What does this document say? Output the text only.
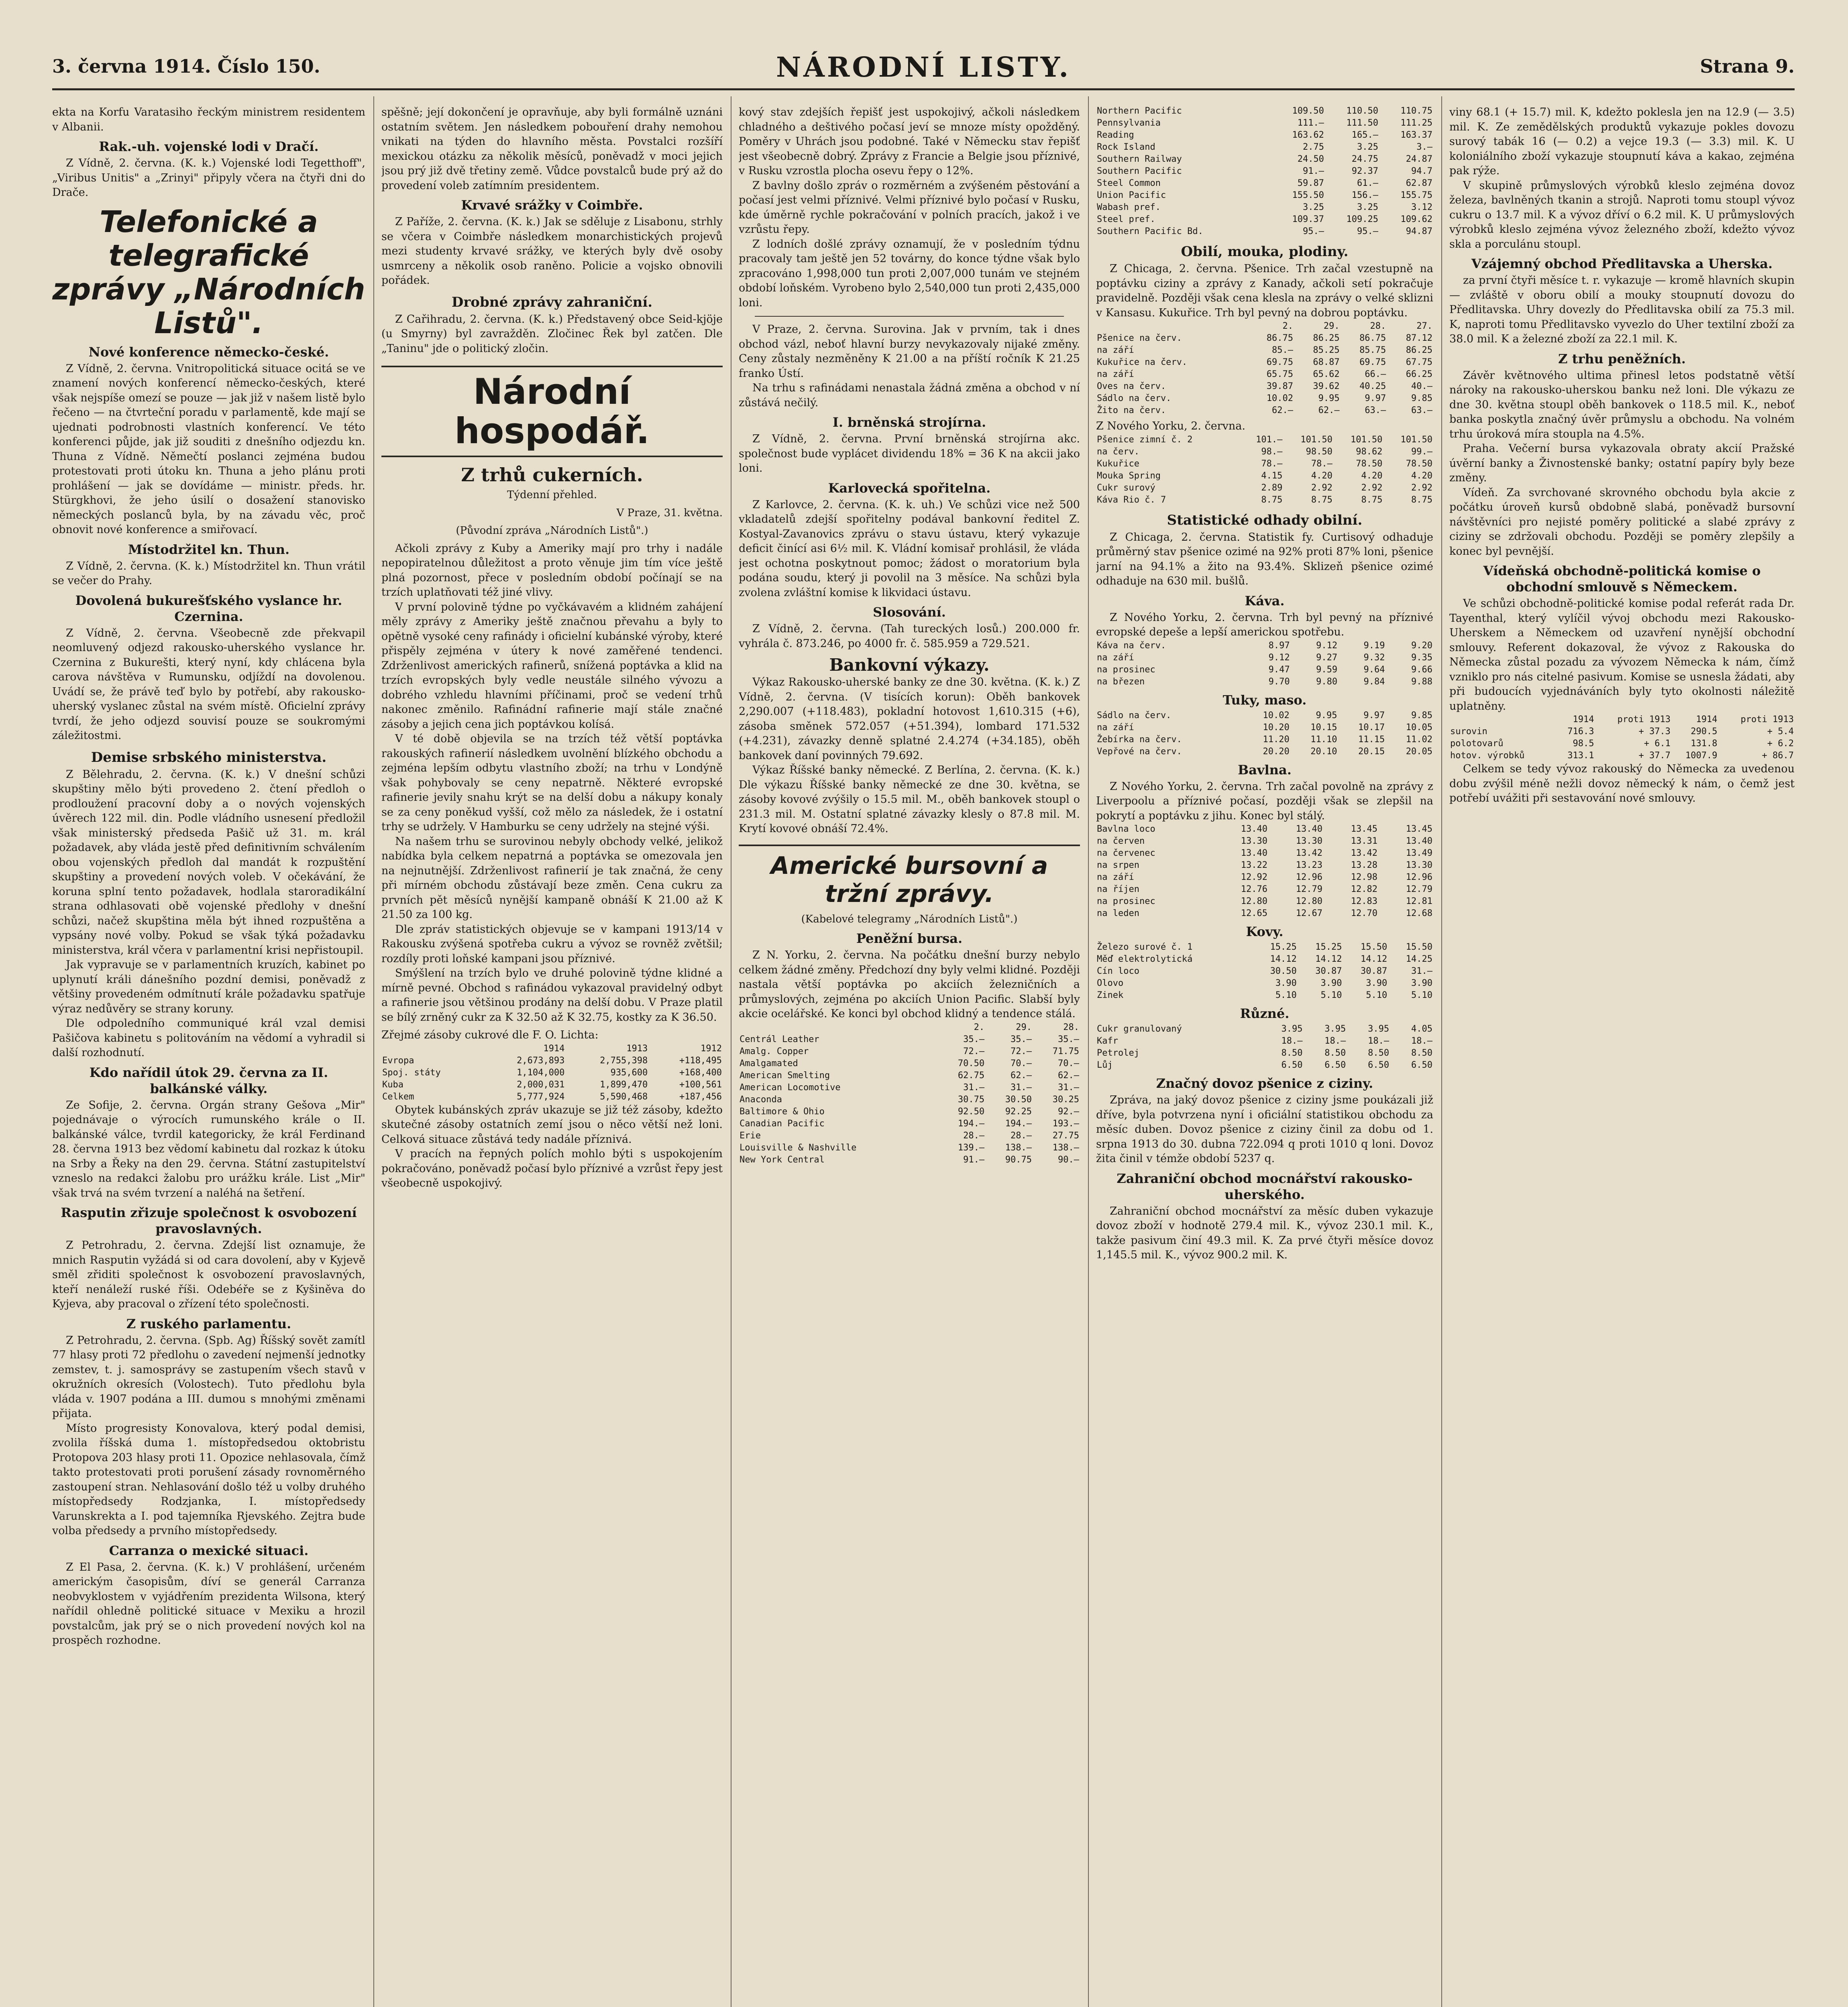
3. června 1914. Číslo 150.	NÁRODNÍ LISTY.	Strana 9.

ekta na Korfu Varatasiho řeckým ministrem residentem v Albanii.

Rak.-uh. vojenské lodi v Dračí.

Z Vídně, 2. června. (K. k.) Vojenské lodi Tegetthoff", „Viribus Unitis" a „Zrinyi" připyly včera na čtyři dni do Drače.

Telefonické a telegrafické zprávy „Národních Listů".
Nové konference německo-české.

Z Vídně, 2. června. Vnitropolitická situace ocitá se ve znamení nových konferencí německo-českých, které však nejspíše omezí se pouze — jak již v našem listě bylo řečeno — na čtvrteční poradu v parlamentě, kde mají se ujednati podrobnosti vlastních konferencí. Ve této konferenci půjde, jak již souditi z dnešního odjezdu kn. Thuna z Vídně. Němečtí poslanci zejména budou protestovati proti útoku kn. Thuna a jeho plánu proti prohlášení — jak se dovídáme — ministr. předs. hr. Stürgkhovi, že jeho úsilí o dosažení stanovisko německých poslanců byla, by na závadu věc, proč obnovit nové konference a smiřovací.

Místodržitel kn. Thun.

Z Vídně, 2. června. (K. k.) Místodržitel kn. Thun vrátil se večer do Prahy.

Dovolená bukurešťského vyslance hr. Czernina.

Z Vídně, 2. června. Všeobecně zde překvapil neomluvený odjezd rakousko-uherského vyslance hr. Czernina z Bukurešti, který nyní, kdy chlácena byla carova návštěva v Rumunsku, odjíždí na dovolenou. Uvádí se, že právě teď bylo by potřebí, aby rakousko-uherský vyslanec zůstal na svém místě. Oficielní zprávy tvrdí, že jeho odjezd souvisí pouze se soukromými záležitostmi.

Demise srbského ministerstva.

Z Bělehradu, 2. června. (K. k.) V dnešní schůzi skupštiny mělo býti provedeno 2. čtení předloh o prodloužení pracovní doby a o nových vojenských úvěrech 122 mil. din. Podle vládního usnesení předložil však ministerský předseda Pašič už 31. m. král požadavek, aby vláda jestě před definitivním schválením obou vojenských předloh dal mandát k rozpuštění skupštiny a provedení nových voleb. V očekávání, že koruna splní tento požadavek, hodlala staroradikální strana odhlasovati obě vojenské předlohy v dnešní schůzi, načež skupština měla být ihned rozpuštěna a vypsány nové volby. Pokud se však týká požadavku ministerstva, král včera v parlamentní krisi nepřistoupil.

Jak vypravuje se v parlamentních kruzích, kabinet po uplynutí králi dánešního pozdní demisi, poněvadž z většiny provedeném odmítnutí krále požadavku spatřuje výraz nedůvěry se strany koruny.

Dle odpoledního communiqué král vzal demisi Pašičova kabinetu s politováním na vědomí a vyhradil si další rozhodnutí.

Kdo nařídil útok 29. června za II. balkánské války.

Ze Sofije, 2. června. Orgán strany Gešova „Mir" pojednávaje o výrocích rumunského krále o II. balkánské válce, tvrdil kategoricky, že král Ferdinand 28. června 1913 bez vědomí kabinetu dal rozkaz k útoku na Srby a Řeky na den 29. června. Státní zastupitelství vzneslo na redakci žalobu pro urážku krále. List „Mir" však trvá na svém tvrzení a naléhá na šetření.

Rasputin zřizuje společnost k osvobození pravoslavných.

Z Petrohradu, 2. června. Zdejší list oznamuje, že mnich Rasputin vyžádá si od cara dovolení, aby v Kyjevě směl zřiditi společnost k osvobození pravoslavných, kteří nenáleží ruské říši. Odebéře se z Kyšiněva do Kyjeva, aby pracoval o zřízení této společnosti.

Z ruského parlamentu.

Z Petrohradu, 2. června. (Spb. Ag) Říšský sovět zamítl 77 hlasy proti 72 předlohu o zavedení nejmenší jednotky zemstev, t. j. samosprávy se zastupením všech stavů v okružních okresích (Volostech). Tuto předlohu byla vláda v. 1907 podána a III. dumou s mnohými změnami přijata.

Místo progresisty Konovalova, který podal demisi, zvolila říšská duma 1. místopředsedou oktobristu Protopova 203 hlasy proti 11. Opozice nehlasovala, čímž takto protestovati proti porušení zásady rovnoměrného zastoupení stran. Nehlasování došlo též u volby druhého místopředsedy Rodzjanka, I. místopředsedy Varunskrekta a I. pod tajemníka Rjevského. Zejtra bude volba předsedy a prvního místopředsedy.

Carranza o mexické situaci.

Z El Pasa, 2. června. (K. k.) V prohlášení, určeném americkým časopisům, díví se generál Carranza neobvyklostem v vyjádřením prezidenta Wilsona, který nařídil ohledně politické situace v Mexiku a hrozil povstalcům, jak prý se o nich provedení nových kol na prospěch rozhodne.

spěšně; její dokončení je opravňuje, aby byli formálně uznáni ostatním světem. Jen následkem pobouření drahy nemohou vnikati na týden do hlavního města. Povstalci rozšíří mexickou otázku za několik měsíců, poněvadž v moci jejich jsou prý již dvě třetiny země. Vůdce povstalců bude prý až do provedení voleb zatímním presidentem.

Krvavé srážky v Coimbře.

Z Paříže, 2. června. (K. k.) Jak se sděluje z Lisabonu, strhly se včera v Coimbře následkem monarchistických projevů mezi studenty krvavé srážky, ve kterých byly dvě osoby usmrceny a několik osob raněno. Policie a vojsko obnovili pořádek.

Drobné zprávy zahraniční.

Z Cařihradu, 2. června. (K. k.) Představený obce Seid-kjöje (u Smyrny) byl zavražděn. Zločinec Řek byl zatčen. Dle „Taninu" jde o politický zločin.

Národní hospodář.
Z trhů cukerních.
Týdenní přehled.
V Praze, 31. května.
(Původní zpráva „Národních Listů".)

Ačkoli zprávy z Kuby a Ameriky mají pro trhy i nadále nepopiratelnou důležitost a proto věnuje jim tím více ještě plná pozornost, přece v posledním období počínají se na trzích uplatňovati též jiné vlivy.

V první polovině týdne po vyčkávavém a klidném zahájení měly zprávy z Ameriky ještě značnou převahu a byly to opětně vysoké ceny rafinády i oficielní kubánské výroby, které přispěly zejména v útery k nové zaměřené tendenci. Zdrženlivost amerických rafinerů, snížená poptávka a klid na trzích evropských byly vedle neustále silného vývozu a dobrého vzhledu hlavními příčinami, proč se vedení trhů nakonec změnilo. Rafinádní rafinerie mají stále značné zásoby a jejich cena jich poptávkou kolísá.

V té době objevila se na trzích též větší poptávka rakouských rafinerií následkem uvolnění blízkého obchodu a zejména lepším odbytu vlastního zboží; na trhu v Londýně však pohybovaly se ceny nepatrně. Některé evropské rafinerie jevily snahu krýt se na delší dobu a nákupy konaly se za ceny poněkud vyšší, což mělo za následek, že i ostatní trhy se udržely. V Hamburku se ceny udržely na stejné výši.

Na našem trhu se surovinou nebyly obchody velké, jelikož nabídka byla celkem nepatrná a poptávka se omezovala jen na nejnutnější. Zdrženlivost rafinerií je tak značná, že ceny při mírném obchodu zůstávají beze změn. Cena cukru za prvních pět měsíců nynější kampaně obnáší K 21.00 až K 21.50 za 100 kg.

Dle zpráv statistických objevuje se v kampani 1913/14 v Rakousku zvýšená spotřeba cukru a vývoz se rovněž zvětšil; rozdíly proti loňské kampani jsou příznivé.

Smýšlení na trzích bylo ve druhé polovině týdne klidné a mírně pevné. Obchod s rafinádou vykazoval pravidelný odbyt a rafinerie jsou většinou prodány na delší dobu. V Praze platil se bílý zrněný cukr za K 32.50 až K 32.75, kostky za K 36.50.

Zřejmé zásoby cukrové dle F. O. Lichta:

	1914	1913	1912
Evropa	2,673,893	2,755,398	+118,495
Spoj. státy	1,104,000	935,600	+168,400
Kuba	2,000,031	1,899,470	+100,561
Celkem	5,777,924	5,590,468	+187,456

Obytek kubánských zpráv ukazuje se již též zásoby, kdežto skutečné zásoby ostatních zemí jsou o něco větší než loni. Celková situace zůstává tedy nadále příznivá.

V pracích na řepných polích mohlo býti s uspokojením pokračováno, poněvadž počasí bylo příznivé a vzrůst řepy jest všeobecně uspokojivý.

kový stav zdejších řepišť jest uspokojivý, ačkoli následkem chladného a deštivého počasí jeví se mnoze místy opožděný. Poměry v Uhrách jsou podobné. Také v Německu stav řepišť jest všeobecně dobrý. Zprávy z Francie a Belgie jsou příznivé, v Rusku vzrostla plocha osevu řepy o 12%.

Z bavlny došlo zpráv o rozměrném a zvýšeném pěstování a počasí jest velmi příznivé. Velmi příznivé bylo počasí v Rusku, kde úměrně rychle pokračování v polních pracích, jakož i ve vzrůstu řepy.

Z lodních došlé zprávy oznamují, že v posledním týdnu pracovaly tam ještě jen 52 továrny, do konce týdne však bylo zpracováno 1,998,000 tun proti 2,007,000 tunám ve stejném období loňském. Vyrobeno bylo 2,540,000 tun proti 2,435,000 loni.

V Praze, 2. června. Surovina. Jak v prvním, tak i dnes obchod vázl, neboť hlavní burzy nevykazovaly nijaké změny. Ceny zůstaly nezměněny K 21.00 a na příští ročník K 21.25 franko Ústí.

Na trhu s rafinádami nenastala žádná změna a obchod v ní zůstává nečilý.

I. brněnská strojírna.

Z Vídně, 2. června. První brněnská strojírna akc. společnost bude vyplácet dividendu 18% = 36 K na akcii jako loni.

Karlovecká spořitelna.

Z Karlovce, 2. června. (K. k. uh.) Ve schůzi vice než 500 vkladatelů zdejší spořitelny podával bankovní ředitel Z. Kostyal-Zavanovics zprávu o stavu ústavu, který vykazuje deficit činící asi 6½ mil. K. Vládní komisař prohlásil, že vláda jest ochotna poskytnout pomoc; žádost o moratorium byla podána soudu, který ji povolil na 3 měsíce. Na schůzi byla zvolena zvláštní komise k likvidaci ústavu.

Slosování.

Z Vídně, 2. června. (Tah tureckých losů.) 200.000 fr. vyhrála č. 873.246, po 4000 fr. č. 585.959 a 729.521.

Bankovní výkazy.

Výkaz Rakousko-uherské banky ze dne 30. května. (K. k.) Z Vídně, 2. června. (V tisících korun): Oběh bankovek 2,290.007 (+118.483), pokladní hotovost 1,610.315 (+6), zásoba směnek 572.057 (+51.394), lombard 171.532 (+4.231), závazky denně splatné 2.4.274 (+34.185), oběh bankovek daní povinných 79.692.

Výkaz Říšské banky německé. Z Berlína, 2. června. (K. k.) Dle výkazu Říšské banky německé ze dne 30. května, se zásoby kovové zvýšily o 15.5 mil. M., oběh bankovek stoupl o 231.3 mil. M. Ostatní splatné závazky klesly o 87.8 mil. M. Krytí kovové obnáší 72.4%.

Americké bursovní a tržní zprávy.
(Kabelové telegramy „Národních Listů".)
Peněžní bursa.

Z N. Yorku, 2. června. Na počátku dnešní burzy nebylo celkem žádné změny. Předchozí dny byly velmi klidné. Později nastala větší poptávka po akciích železničních a průmyslových, zejména po akciích Union Pacific. Slabší byly akcie ocelářské. Ke konci byl obchod klidný a tendence stálá.

	2.	29.	28.
Centrál Leather	35.—	35.—	35.—
Amalg. Copper	72.—	72.—	71.75
Amalgamated	70.50	70.—	70.—
American Smelting	62.75	62.—	62.—
American Locomotive	31.—	31.—	31.—
Anaconda	30.75	30.50	30.25
Baltimore & Ohio	92.50	92.25	92.—
Canadian Pacific	194.—	194.—	193.—
Erie	28.—	28.—	27.75
Louisville & Nashville	139.—	138.—	138.—
New York Central	91.—	90.75	90.—
Northern Pacific	109.50	110.50	110.75
Pennsylvania	111.—	111.50	111.25
Reading	163.62	165.—	163.37
Rock Island	2.75	3.25	3.—
Southern Railway	24.50	24.75	24.87
Southern Pacific	91.—	92.37	94.7
Steel Common	59.87	61.—	62.87
Union Pacific	155.50	156.—	155.75
Wabash pref.	3.25	3.25	3.12
Steel pref.	109.37	109.25	109.62
Southern Pacific Bd.	95.—	95.—	94.87
Obilí, mouka, plodiny.

Z Chicaga, 2. června. Pšenice. Trh začal vzestupně na poptávku ciziny a zprávy z Kanady, ačkoli setí pokračuje pravidelně. Později však cena klesla na zprávy o velké sklizni v Kansasu. Kukuřice. Trh byl pevný na dobrou poptávku.

	2.	29.	28.	27.
Pšenice na červ.	86.75	86.25	86.75	87.12
na září	85.—	85.25	85.75	86.25
Kukuřice na červ.	69.75	68.87	69.75	67.75
na září	65.75	65.62	66.—	66.25
Oves na červ.	39.87	39.62	40.25	40.—
Sádlo na červ.	10.02	9.95	9.97	9.85
Žito na červ.	62.—	62.—	63.—	63.—

Z Nového Yorku, 2. června.

Pšenice zimní č. 2	101.—	101.50	101.50	101.50
na červ.	98.—	98.50	98.62	99.—
Kukuřice	78.—	78.—	78.50	78.50
Mouka Spring	4.15	4.20	4.20	4.20
Cukr surový	2.89	2.92	2.92	2.92
Káva Rio č. 7	8.75	8.75	8.75	8.75
Statistické odhady obilní.

Z Chicaga, 2. června. Statistik fy. Curtisový odhaduje průměrný stav pšenice ozimé na 92% proti 87% loni, pšenice jarní na 94.1% a žito na 93.4%. Sklizeň pšenice ozimé odhaduje na 630 mil. bušlů.

Káva.

Z Nového Yorku, 2. června. Trh byl pevný na příznivé evropské depeše a lepší americkou spotřebu.

Káva na červ.	8.97	9.12	9.19	9.20
na září	9.12	9.27	9.32	9.35
na prosinec	9.47	9.59	9.64	9.66
na březen	9.70	9.80	9.84	9.88
Tuky, maso.
Sádlo na červ.	10.02	9.95	9.97	9.85
na září	10.20	10.15	10.17	10.05
Žebírka na červ.	11.20	11.10	11.15	11.02
Vepřové na červ.	20.20	20.10	20.15	20.05
Bavlna.

Z Nového Yorku, 2. června. Trh začal povolně na zprávy z Liverpoolu a příznivé počasí, později však se zlepšil na pokrytí a poptávku z jihu. Konec byl stálý.

Bavlna loco	13.40	13.40	13.45	13.45
na červen	13.30	13.30	13.31	13.40
na červenec	13.40	13.42	13.42	13.49
na srpen	13.22	13.23	13.28	13.30
na září	12.92	12.96	12.98	12.96
na říjen	12.76	12.79	12.82	12.79
na prosinec	12.80	12.80	12.83	12.81
na leden	12.65	12.67	12.70	12.68
Kovy.
Železo surové č. 1	15.25	15.25	15.50	15.50
Měď elektrolytická	14.12	14.12	14.12	14.25
Cín loco	30.50	30.87	30.87	31.—
Olovo	3.90	3.90	3.90	3.90
Zinek	5.10	5.10	5.10	5.10
Různé.
Cukr granulovaný	3.95	3.95	3.95	4.05
Kafr	18.—	18.—	18.—	18.—
Petrolej	8.50	8.50	8.50	8.50
Lůj	6.50	6.50	6.50	6.50
Značný dovoz pšenice z ciziny.

Zpráva, na jaký dovoz pšenice z ciziny jsme poukázali již dříve, byla potvrzena nyní i oficiální statistikou obchodu za měsíc duben. Dovoz pšenice z ciziny činil za dobu od 1. srpna 1913 do 30. dubna 722.094 q proti 1010 q loni. Dovoz žita činil v témže období 5237 q.

Zahraniční obchod mocnářství rakousko-uherského.

Zahraniční obchod mocnářství za měsíc duben vykazuje dovoz zboží v hodnotě 279.4 mil. K., vývoz 230.1 mil. K., takže pasivum činí 49.3 mil. K. Za prvé čtyři měsíce dovoz 1,145.5 mil. K., vývoz 900.2 mil. K.

viny 68.1 (+ 15.7) mil. K, kdežto poklesla jen na 12.9 (— 3.5) mil. K. Ze zemědělských produktů vykazuje pokles dovozu surový tabák 16 (— 0.2) a vejce 19.3 (— 3.3) mil. K. U koloniálního zboží vykazuje stoupnutí káva a kakao, zejména pak rýže.

V skupině průmyslových výrobků kleslo zejména dovoz železa, bavlněných tkanin a strojů. Naproti tomu stoupl vývoz cukru o 13.7 mil. K a vývoz dříví o 6.2 mil. K. U průmyslových výrobků kleslo zejména vývoz železného zboží, kdežto vývoz skla a porculánu stoupl.

Vzájemný obchod Předlitavska a Uherska.

za první čtyři měsíce t. r. vykazuje — kromě hlavních skupin — zvláště v oboru obilí a mouky stoupnutí dovozu do Předlitavska. Uhry dovezly do Předlitavska obilí za 75.3 mil. K, naproti tomu Předlitavsko vyvezlo do Uher textilní zboží za 38.0 mil. K a železné zboží za 22.1 mil. K.

Z trhu peněžních.

Závěr květnového ultima přinesl letos podstatně větší nároky na rakousko-uherskou banku než loni. Dle výkazu ze dne 30. května stoupl oběh bankovek o 118.5 mil. K., neboť banka poskytla značný úvěr průmyslu a obchodu. Na volném trhu úroková míra stoupla na 4.5%.

Praha. Večerní bursa vykazovala obraty akcií Pražské úvěrní banky a Živnostenské banky; ostatní papíry byly beze změny.

Vídeň. Za svrchované skrovného obchodu byla akcie z počátku úroveň kursů obdobně slabá, poněvadž bursovní návštěvníci pro nejisté poměry politické a slabé zprávy z ciziny se zdržovali obchodu. Později se poměry zlepšily a konec byl pevnější.

Vídeňská obchodně-politická komise o obchodní smlouvě s Německem.

Ve schůzi obchodně-politické komise podal referát rada Dr. Tayenthal, který vylíčil vývoj obchodu mezi Rakousko-Uherskem a Německem od uzavření nynější obchodní smlouvy. Referent dokazoval, že vývoz z Rakouska do Německa zůstal pozadu za vývozem Německa k nám, čímž vzniklo pro nás citelné pasivum. Komise se usnesla žádati, aby při budoucích vyjednáváních byly tyto okolnosti náležitě uplatněny.

	1914	proti 1913	1914	proti 1913
surovin	716.3	+ 37.3	290.5	+ 5.4
polotovarů	98.5	+ 6.1	131.8	+ 6.2
hotov. výrobků	313.1	+ 37.7	1007.9	+ 86.7

Celkem se tedy vývoz rakouský do Německa za uvedenou dobu zvýšil méně nežli dovoz německý k nám, o čemž jest potřebí uvážiti při sestavování nové smlouvy.
